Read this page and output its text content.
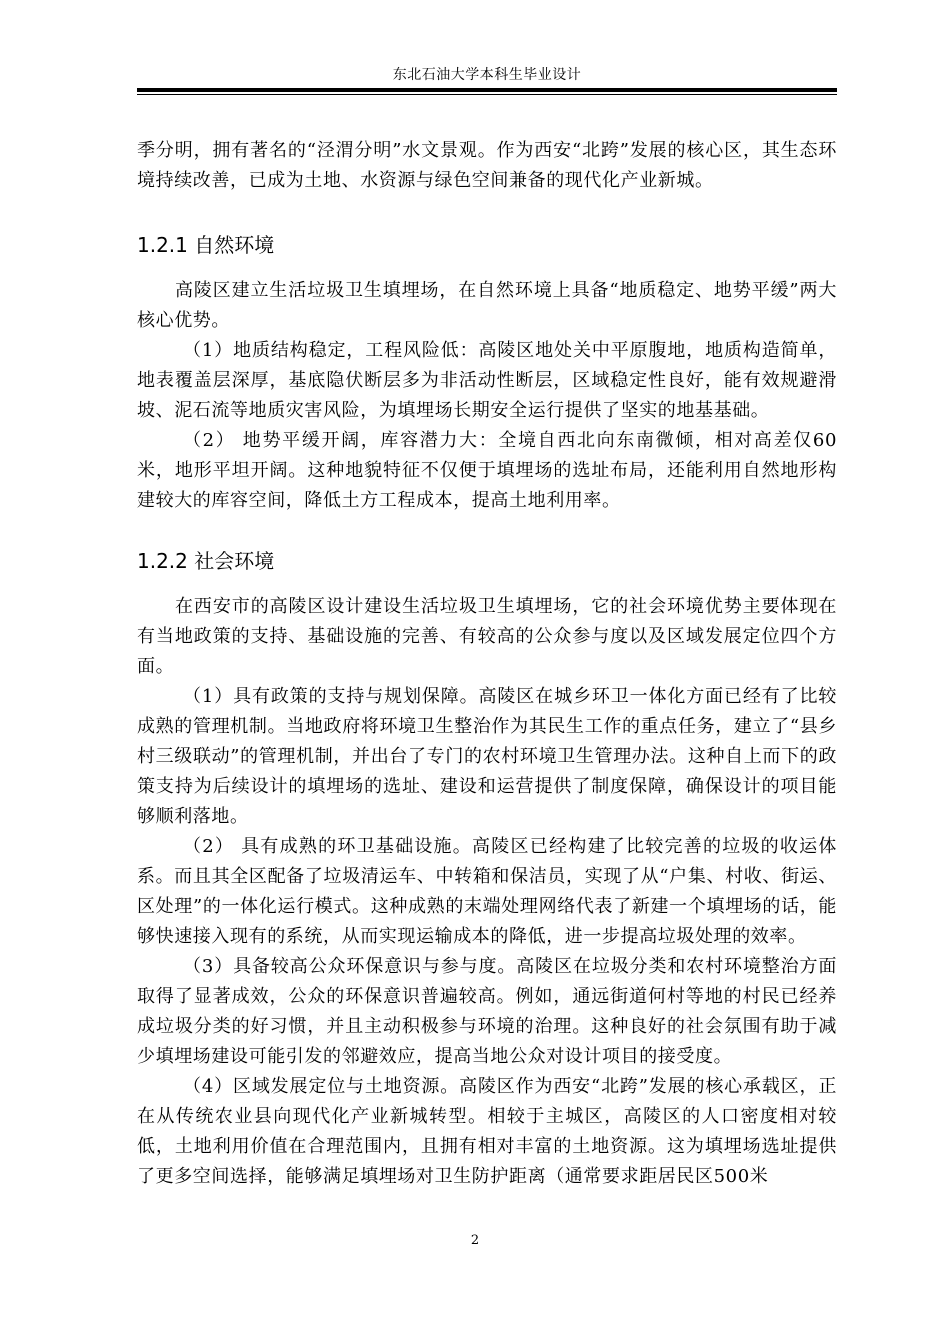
东北石油大学本科生毕业设计

季分明，拥有著名的“泾渭分明”水文景观。作为西安“北跨”发展的核心区，其生态环境持续改善，已成为土地、水资源与绿色空间兼备的现代化产业新城。

1.2.1 自然环境

高陵区建立生活垃圾卫生填埋场，在自然环境上具备“地质稳定、地势平缓”两大核心优势。

（1）地质结构稳定，工程风险低：高陵区地处关中平原腹地，地质构造简单，地表覆盖层深厚，基底隐伏断层多为非活动性断层，区域稳定性良好，能有效规避滑坡、泥石流等地质灾害风险，为填埋场长期安全运行提供了坚实的地基基础。

（2） 地势平缓开阔，库容潜力大：全境自西北向东南微倾，相对高差仅60米，地形平坦开阔。这种地貌特征不仅便于填埋场的选址布局，还能利用自然地形构建较大的库容空间，降低土方工程成本，提高土地利用率。

1.2.2 社会环境

在西安市的高陵区设计建设生活垃圾卫生填埋场，它的社会环境优势主要体现在有当地政策的支持、基础设施的完善、有较高的公众参与度以及区域发展定位四个方面。

（1）具有政策的支持与规划保障。高陵区在城乡环卫一体化方面已经有了比较成熟的管理机制。当地政府将环境卫生整治作为其民生工作的重点任务，建立了“县乡村三级联动”的管理机制，并出台了专门的农村环境卫生管理办法。这种自上而下的政策支持为后续设计的填埋场的选址、建设和运营提供了制度保障，确保设计的项目能够顺利落地。

（2） 具有成熟的环卫基础设施。高陵区已经构建了比较完善的垃圾的收运体系。而且其全区配备了垃圾清运车、中转箱和保洁员，实现了从“户集、村收、街运、区处理”的一体化运行模式。这种成熟的末端处理网络代表了新建一个填埋场的话，能够快速接入现有的系统，从而实现运输成本的降低，进一步提高垃圾处理的效率。

（3）具备较高公众环保意识与参与度。高陵区在垃圾分类和农村环境整治方面取得了显著成效，公众的环保意识普遍较高。例如，通远街道何村等地的村民已经养成垃圾分类的好习惯，并且主动积极参与环境的治理。这种良好的社会氛围有助于减少填埋场建设可能引发的邻避效应，提高当地公众对设计项目的接受度。

（4）区域发展定位与土地资源。高陵区作为西安“北跨”发展的核心承载区，正在从传统农业县向现代化产业新城转型。相较于主城区，高陵区的人口密度相对较低，土地利用价值在合理范围内，且拥有相对丰富的土地资源。这为填埋场选址提供了更多空间选择，能够满足填埋场对卫生防护距离（通常要求距居民区500米

2
